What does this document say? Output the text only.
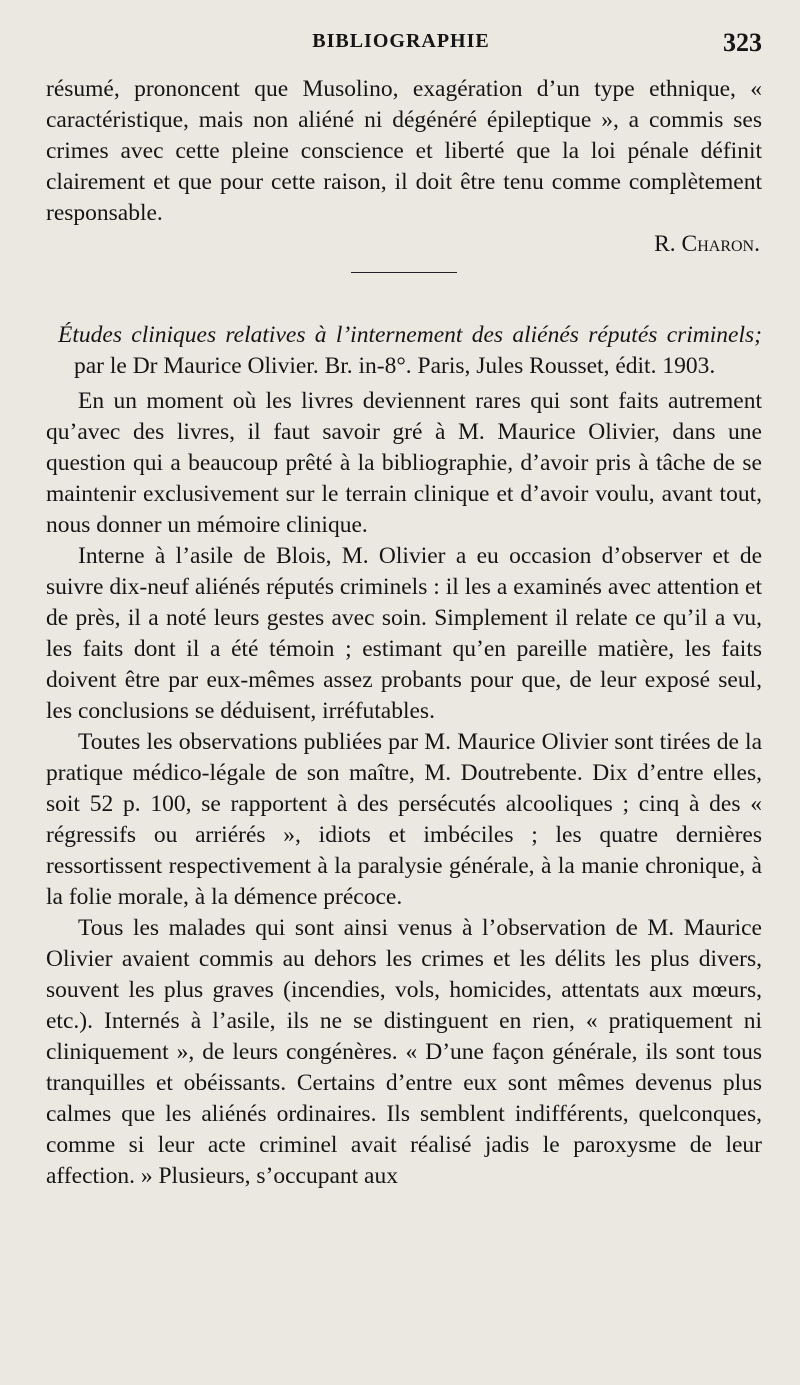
BIBLIOGRAPHIE	323

résumé, prononcent que Musolino, exagération d’un type ethnique, « caractéristique, mais non aliéné ni dégénéré épileptique », a commis ses crimes avec cette pleine conscience et liberté que la loi pénale définit clairement et que pour cette raison, il doit être tenu comme complètement responsable.

R. Charon.

Études cliniques relatives à l’internement des aliénés réputés criminels; par le Dr Maurice Olivier. Br. in-8°. Paris, Jules Rousset, édit. 1903.

En un moment où les livres deviennent rares qui sont faits autrement qu’avec des livres, il faut savoir gré à M. Maurice Olivier, dans une question qui a beaucoup prêté à la bibliographie, d’avoir pris à tâche de se maintenir exclusivement sur le terrain clinique et d’avoir voulu, avant tout, nous donner un mémoire clinique.

Interne à l’asile de Blois, M. Olivier a eu occasion d’observer et de suivre dix-neuf aliénés réputés criminels : il les a examinés avec attention et de près, il a noté leurs gestes avec soin. Simplement il relate ce qu’il a vu, les faits dont il a été témoin ; estimant qu’en pareille matière, les faits doivent être par eux-mêmes assez probants pour que, de leur exposé seul, les conclusions se déduisent, irréfutables.

Toutes les observations publiées par M. Maurice Olivier sont tirées de la pratique médico-légale de son maître, M. Doutrebente. Dix d’entre elles, soit 52 p. 100, se rapportent à des persécutés alcooliques ; cinq à des « régressifs ou arriérés », idiots et imbéciles ; les quatre dernières ressortissent respectivement à la paralysie générale, à la manie chronique, à la folie morale, à la démence précoce.

Tous les malades qui sont ainsi venus à l’observation de M. Maurice Olivier avaient commis au dehors les crimes et les délits les plus divers, souvent les plus graves (incendies, vols, homicides, attentats aux mœurs, etc.). Internés à l’asile, ils ne se distinguent en rien, « pratiquement ni cliniquement », de leurs congénères. « D’une façon générale, ils sont tous tranquilles et obéissants. Certains d’entre eux sont mêmes devenus plus calmes que les aliénés ordinaires. Ils semblent indifférents, quelconques, comme si leur acte criminel avait réalisé jadis le paroxysme de leur affection. » Plusieurs, s’occupant aux
